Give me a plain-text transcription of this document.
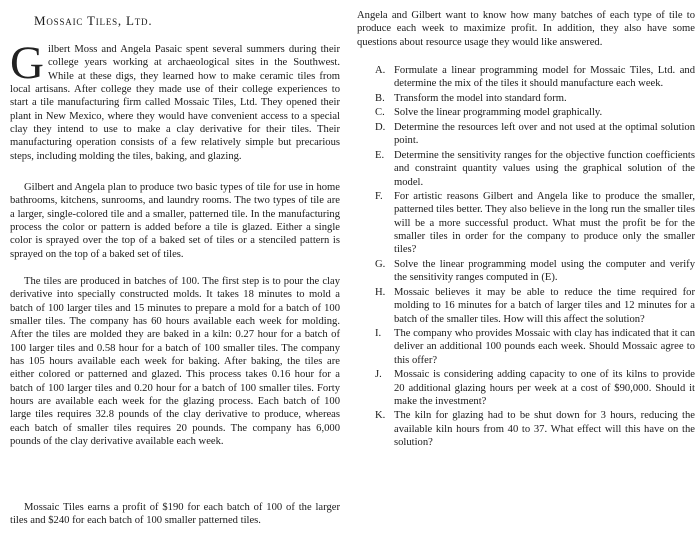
Mossaic Tiles, Ltd.

Gilbert Moss and Angela Pasaic spent several summers during their college years working at archaeological sites in the Southwest. While at these digs, they learned how to make ceramic tiles from local artisans. After college they made use of their college experiences to start a tile manufacturing firm called Mossaic Tiles, Ltd. They opened their plant in New Mexico, where they would have convenient access to a special clay they intend to use to make a clay derivative for their tiles. Their manufacturing operation consists of a few relatively simple but precarious steps, including molding the tiles, baking, and glazing.

Gilbert and Angela plan to produce two basic types of tile for use in home bathrooms, kitchens, sunrooms, and laundry rooms. The two types of tile are a larger, single-colored tile and a smaller, patterned tile. In the manufacturing process the color or pattern is added before a tile is glazed. Either a single color is sprayed over the top of a baked set of tiles or a stenciled pattern is sprayed on the top of a baked set of tiles.

The tiles are produced in batches of 100. The first step is to pour the clay derivative into specially constructed molds. It takes 18 minutes to mold a batch of 100 larger tiles and 15 minutes to prepare a mold for a batch of 100 smaller tiles. The company has 60 hours available each week for molding. After the tiles are molded they are baked in a kiln: 0.27 hour for a batch of 100 larger tiles and 0.58 hour for a batch of 100 smaller tiles. The company has 105 hours available each week for baking. After baking, the tiles are either colored or patterned and glazed. This process takes 0.16 hour for a batch of 100 larger tiles and 0.20 hour for a batch of 100 smaller tiles. Forty hours are available each week for the glazing process. Each batch of 100 large tiles requires 32.8 pounds of the clay derivative to produce, whereas each batch of smaller tiles requires 20 pounds. The company has 6,000 pounds of the clay derivative available each week.

Mossaic Tiles earns a profit of $190 for each batch of 100 of the larger tiles and $240 for each batch of 100 smaller patterned tiles.

Angela and Gilbert want to know how many batches of each type of tile to produce each week to maximize profit. In addition, they also have some questions about resource usage they would like answered.

A. Formulate a linear programming model for Mossaic Tiles, Ltd. and determine the mix of the tiles it should manufacture each week.
B. Transform the model into standard form.
C. Solve the linear programming model graphically.
D. Determine the resources left over and not used at the optimal solution point.
E. Determine the sensitivity ranges for the objective function coefficients and constraint quantity values using the graphical solution of the model.
F. For artistic reasons Gilbert and Angela like to produce the smaller, patterned tiles better. They also believe in the long run the smaller tiles will be a more successful product. What must the profit be for the smaller tiles in order for the company to produce only the smaller tiles?
G. Solve the linear programming model using the computer and verify the sensitivity ranges computed in (E).
H. Mossaic believes it may be able to reduce the time required for molding to 16 minutes for a batch of larger tiles and 12 minutes for a batch of the smaller tiles. How will this affect the solution?
I. The company who provides Mossaic with clay has indicated that it can deliver an additional 100 pounds each week. Should Mossaic agree to this offer?
J. Mossaic is considering adding capacity to one of its kilns to provide 20 additional glazing hours per week at a cost of $90,000. Should it make the investment?
K. The kiln for glazing had to be shut down for 3 hours, reducing the available kiln hours from 40 to 37. What effect will this have on the solution?
